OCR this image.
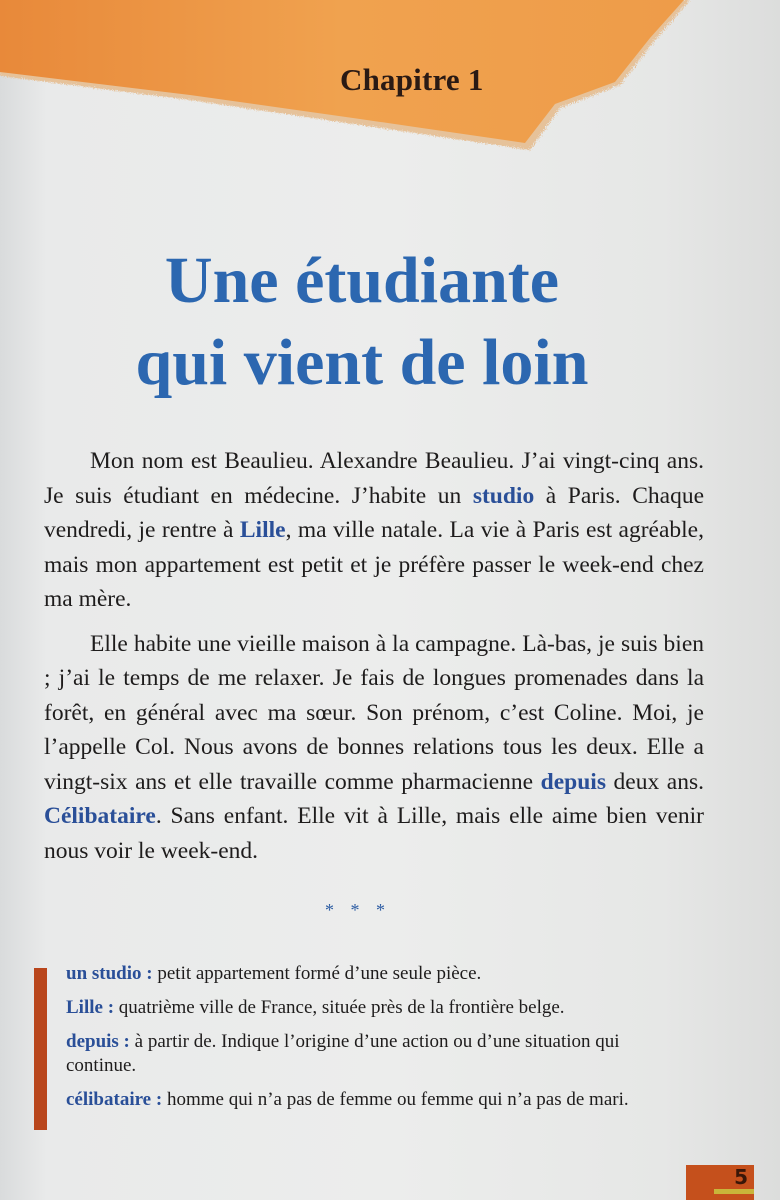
Chapitre 1
Une étudiante
qui vient de loin

Mon nom est Beaulieu. Alexandre Beaulieu. J’ai vingt-cinq ans. Je suis étudiant en médecine. J’habite un studio à Paris. Chaque vendredi, je rentre à Lille, ma ville natale. La vie à Paris est agréable, mais mon appartement est petit et je préfère passer le week-end chez ma mère.

Elle habite une vieille maison à la campagne. Là-bas, je suis bien ; j’ai le temps de me relaxer. Je fais de longues promenades dans la forêt, en général avec ma sœur. Son prénom, c’est Coline. Moi, je l’appelle Col. Nous avons de bonnes relations tous les deux. Elle a vingt-six ans et elle travaille comme pharmacienne depuis deux ans. Célibataire. Sans enfant. Elle vit à Lille, mais elle aime bien venir nous voir le week-end.

* * *
un studio : petit appartement formé d’une seule pièce.
Lille : quatrième ville de France, située près de la frontière belge.
depuis : à partir de. Indique l’origine d’une action ou d’une situation qui continue.
célibataire : homme qui n’a pas de femme ou femme qui n’a pas de mari.
5
